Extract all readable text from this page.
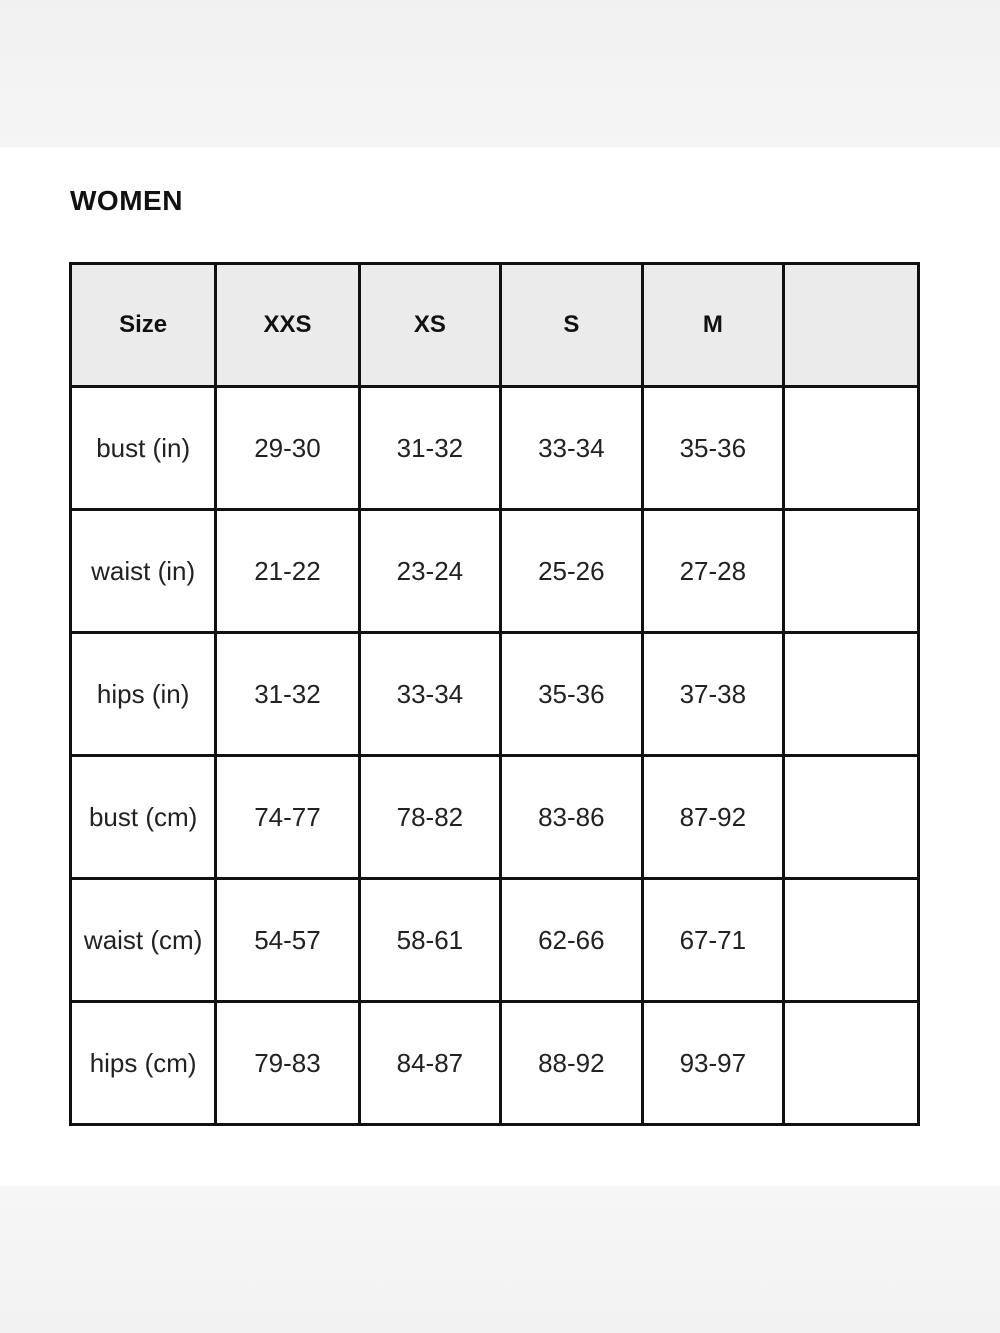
WOMEN
Size	XXS	XS	S	M	
bust (in)	29-30	31-32	33-34	35-36	
waist (in)	21-22	23-24	25-26	27-28	
hips (in)	31-32	33-34	35-36	37-38	
bust (cm)	74-77	78-82	83-86	87-92	
waist (cm)	54-57	58-61	62-66	67-71	
hips (cm)	79-83	84-87	88-92	93-97	
